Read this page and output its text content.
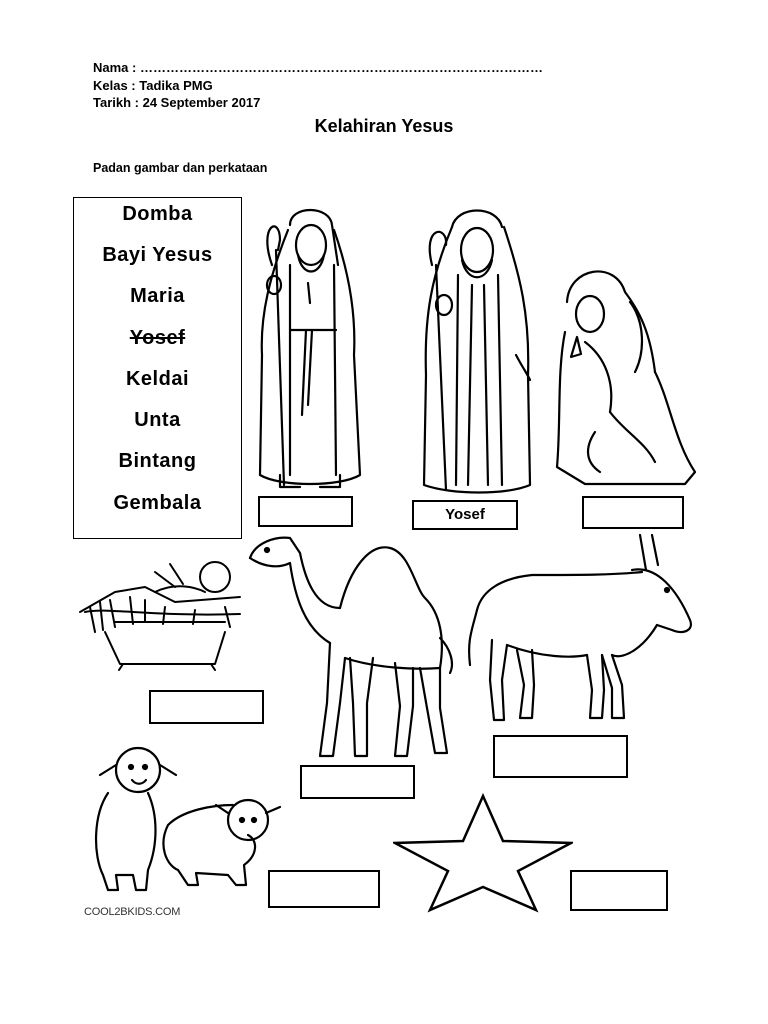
Nama : …………………………………………………………………………………
Kelas : Tadika PMG
Tarikh : 24 September 2017
Kelahiran Yesus
Padan gambar dan perkataan
Domba
Bayi Yesus
Maria
Yosef
Keldai
Unta
Bintang
Gembala
Yosef
COOL2BKIDS.COM
